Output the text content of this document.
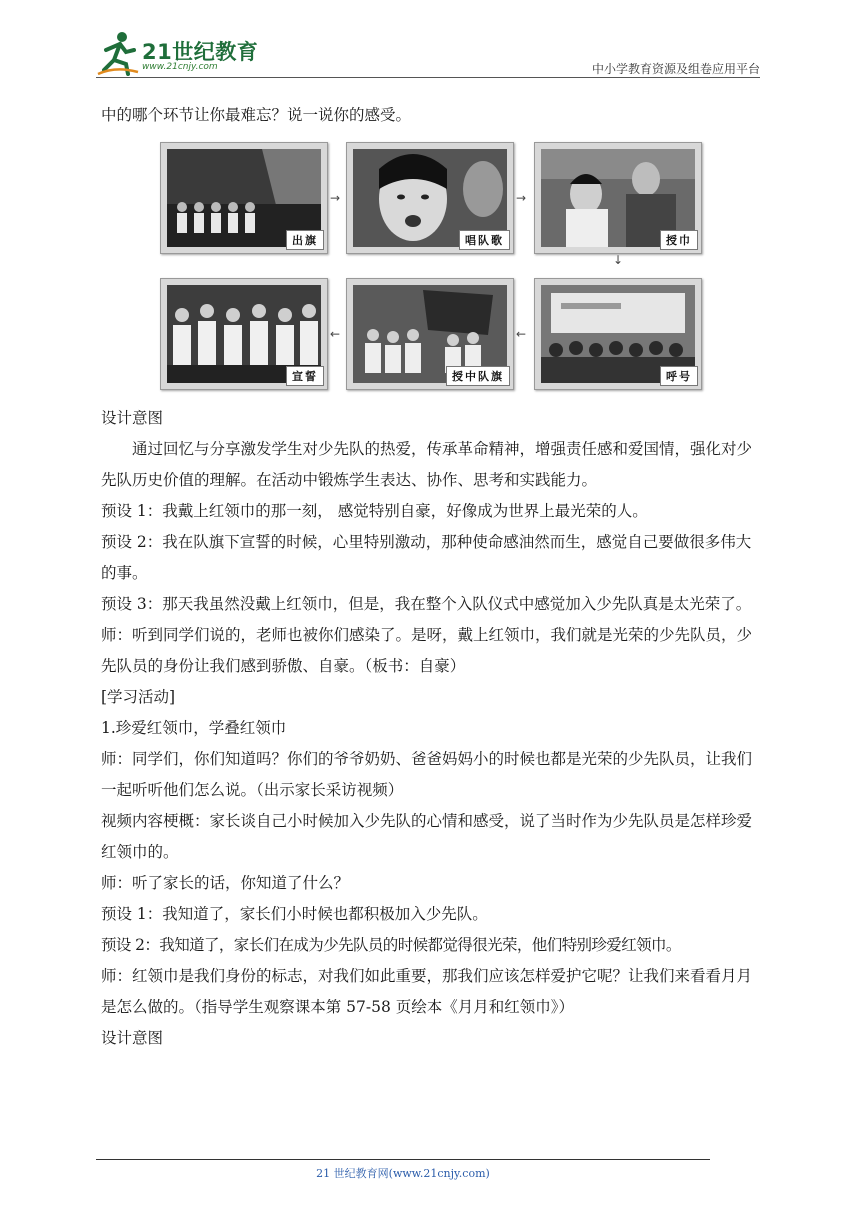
21世纪教育
www.21cnjy.com	中小学教育资源及组卷应用平台

中的哪个环节让你最难忘？说一说你的感受。

出旗
→
唱队歌
→
授巾
↓
宣誓
←
授中队旗
←
呼号

设计意图

通过回忆与分享激发学生对少先队的热爱，传承革命精神，增强责任感和爱国情，强化对少先队历史价值的理解。在活动中锻炼学生表达、协作、思考和实践能力。

预设 1：我戴上红领巾的那一刻， 感觉特别自豪，好像成为世界上最光荣的人。

预设 2：我在队旗下宣誓的时候，心里特别激动，那种使命感油然而生，感觉自己要做很多伟大的事。

预设 3：那天我虽然没戴上红领巾，但是，我在整个入队仪式中感觉加入少先队真是太光荣了。

师：听到同学们说的，老师也被你们感染了。是呀，戴上红领巾，我们就是光荣的少先队员，少先队员的身份让我们感到骄傲、自豪。（板书：自豪）

[学习活动]

1.珍爱红领巾，学叠红领巾

师：同学们，你们知道吗？你们的爷爷奶奶、爸爸妈妈小的时候也都是光荣的少先队员，让我们一起听听他们怎么说。（出示家长采访视频）

视频内容梗概：家长谈自己小时候加入少先队的心情和感受，说了当时作为少先队员是怎样珍爱红领巾的。

师：听了家长的话，你知道了什么？

预设 1：我知道了，家长们小时候也都积极加入少先队。

预设 2：我知道了，家长们在成为少先队员的时候都觉得很光荣，他们特别珍爱红领巾。

师：红领巾是我们身份的标志，对我们如此重要，那我们应该怎样爱护它呢？让我们来看看月月是怎么做的。（指导学生观察课本第 57-58 页绘本《月月和红领巾》）

设计意图

21 世纪教育网(www.21cnjy.com)
